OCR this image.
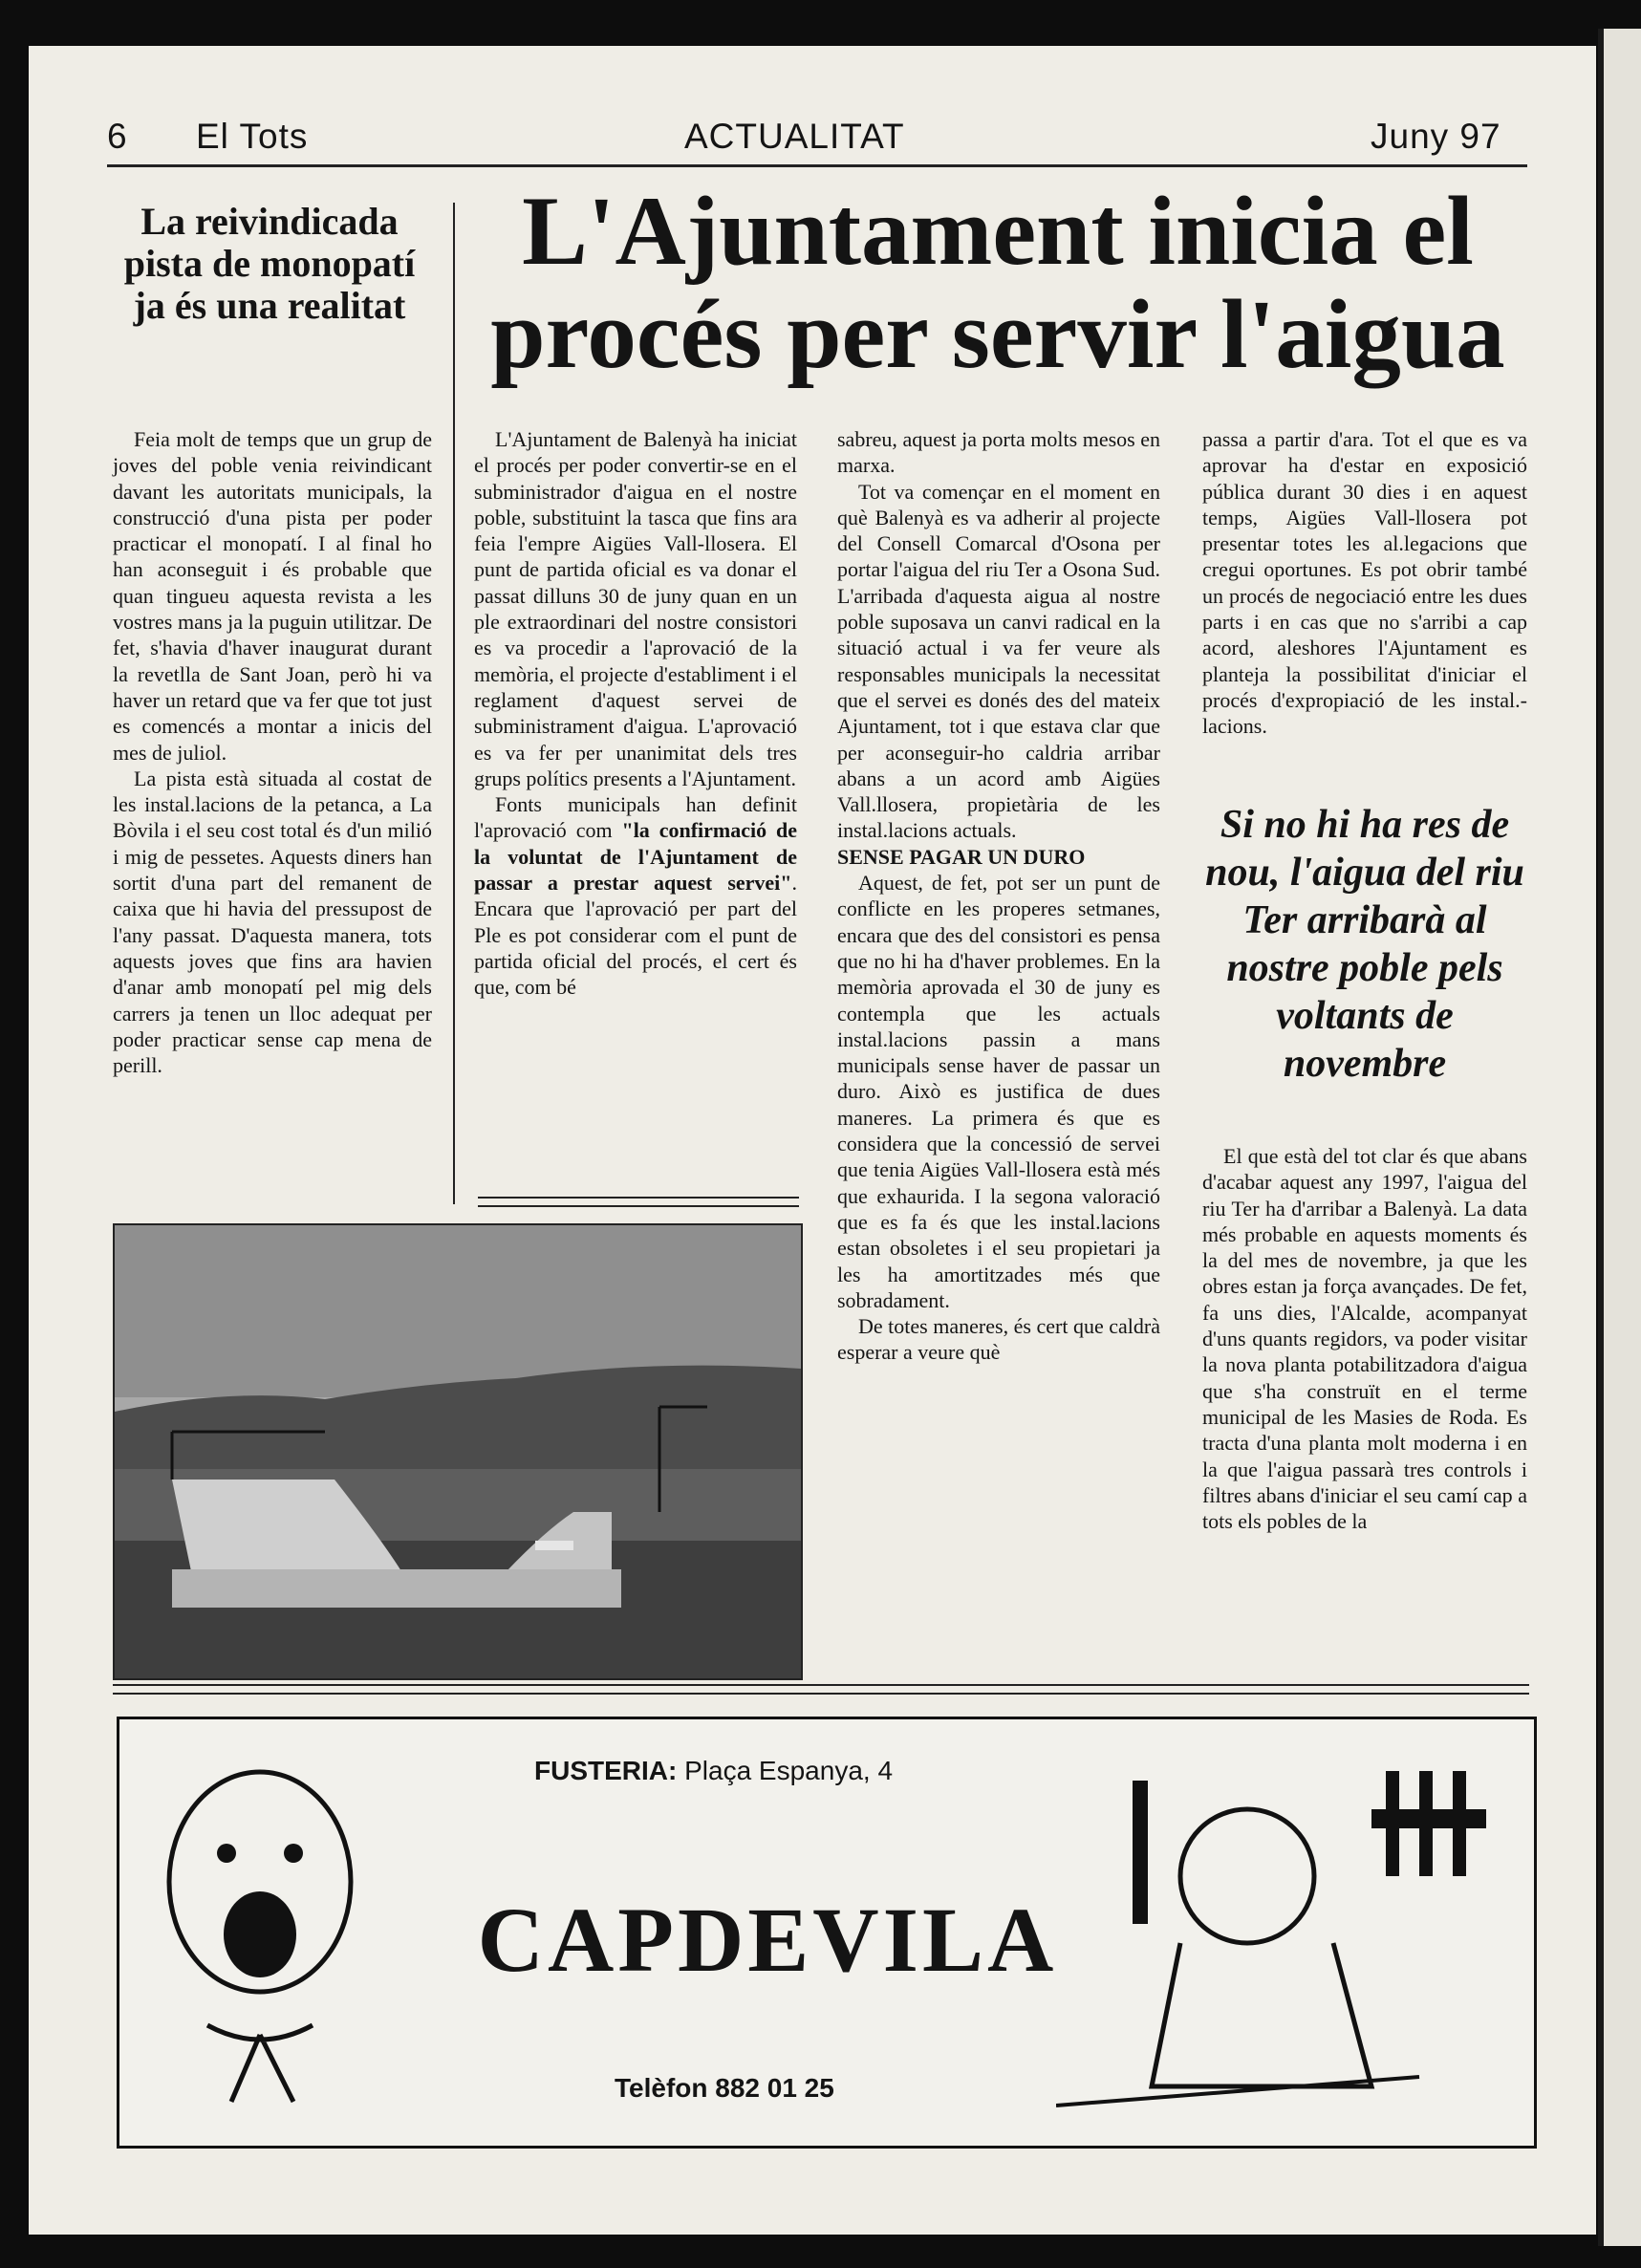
6 El Tots	ACTUALITAT	Juny 97
La reivindicada pista de monopatí ja és una realitat

Feia molt de temps que un grup de joves del poble venia reivindicant davant les autoritats municipals, la construcció d'una pista per poder practicar el monopatí. I al final ho han aconseguit i és probable que quan tingueu aquesta revista a les vostres mans ja la puguin utilitzar. De fet, s'havia d'haver inaugurat durant la revetlla de Sant Joan, però hi va haver un retard que va fer que tot just es comencés a montar a inicis del mes de juliol.

La pista està situada al costat de les instal.lacions de la petanca, a La Bòvila i el seu cost total és d'un milió i mig de pessetes. Aquests diners han sortit d'una part del remanent de caixa que hi havia del pressupost de l'any passat. D'aquesta manera, tots aquests joves que fins ara havien d'anar amb monopatí pel mig dels carrers ja tenen un lloc adequat per poder practicar sense cap mena de perill.

L'Ajuntament inicia el procés per servir l'aigua

L'Ajuntament de Balenyà ha iniciat el procés per poder convertir-se en el subministrador d'aigua en el nostre poble, substituint la tasca que fins ara feia l'empre Aigües Vall-llosera. El punt de partida oficial es va donar el passat dilluns 30 de juny quan en un ple extraordinari del nostre consistori es va procedir a l'aprovació de la memòria, el projecte d'establiment i el reglament d'aquest servei de subministrament d'aigua. L'aprovació es va fer per unanimitat dels tres grups polítics presents a l'Ajuntament.

Fonts municipals han definit l'aprovació com "la confirmació de la voluntat de l'Ajuntament de passar a prestar aquest servei". Encara que l'aprovació per part del Ple es pot considerar com el punt de partida oficial del procés, el cert és que, com bé

sabreu, aquest ja porta molts mesos en marxa.

Tot va començar en el moment en què Balenyà es va adherir al projecte del Consell Comarcal d'Osona per portar l'aigua del riu Ter a Osona Sud. L'arribada d'aquesta aigua al nostre poble suposava un canvi radical en la situació actual i va fer veure als responsables municipals la necessitat que el servei es donés des del mateix Ajuntament, tot i que estava clar que per aconseguir-ho caldria arribar abans a un acord amb Aigües Vall.llosera, propietària de les instal.lacions actuals.

SENSE PAGAR UN DURO

Aquest, de fet, pot ser un punt de conflicte en les properes setmanes, encara que des del consistori es pensa que no hi ha d'haver problemes. En la memòria aprovada el 30 de juny es contempla que les actuals instal.lacions passin a mans municipals sense haver de passar un duro. Això es justifica de dues maneres. La primera és que es considera que la concessió de servei que tenia Aigües Vall-llosera està més que exhaurida. I la segona valoració que es fa és que les instal.lacions estan obsoletes i el seu propietari ja les ha amortitzades més que sobradament.

De totes maneres, és cert que caldrà esperar a veure què

passa a partir d'ara. Tot el que es va aprovar ha d'estar en exposició pública durant 30 dies i en aquest temps, Aigües Vall-llosera pot presentar totes les al.legacions que cregui oportunes. Es pot obrir també un procés de negociació entre les dues parts i en cas que no s'arribi a cap acord, aleshores l'Ajuntament es planteja la possibilitat d'iniciar el procés d'expropiació de les instal.-lacions.

Si no hi ha res de nou, l'aigua del riu Ter arribarà al nostre poble pels voltants de novembre

El que està del tot clar és que abans d'acabar aquest any 1997, l'aigua del riu Ter ha d'arribar a Balenyà. La data més probable en aquests moments és la del mes de novembre, ja que les obres estan ja força avançades. De fet, fa uns dies, l'Alcalde, acompanyat d'uns quants regidors, va poder visitar la nova planta potabilitzadora d'aigua que s'ha construït en el terme municipal de les Masies de Roda. Es tracta d'una planta molt moderna i en la que l'aigua passarà tres controls i filtres abans d'iniciar el seu camí cap a tots els pobles de la

FUSTERIA: Plaça Espanya, 4
CAPDEVILA
Telèfon 882 01 25
